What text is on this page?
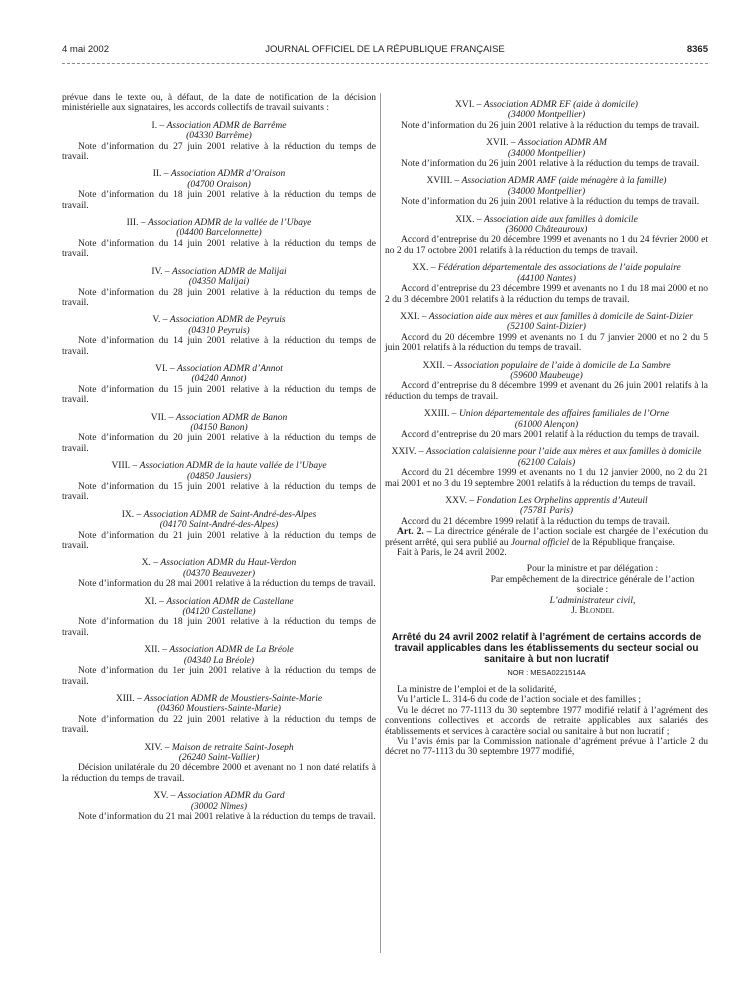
4 mai 2002	JOURNAL OFFICIEL DE LA RÉPUBLIQUE FRANÇAISE	8365

prévue dans le texte ou, à défaut, de la date de notification de la décision ministérielle aux signataires, les accords collectifs de travail suivants :

I. – Association ADMR de Barrême
(04330 Barrême)

Note d’information du 27 juin 2001 relative à la réduction du temps de travail.

II. – Association ADMR d’Oraison
(04700 Oraison)

Note d’information du 18 juin 2001 relative à la réduction du temps de travail.

III. – Association ADMR de la vallée de l’Ubaye
(04400 Barcelonnette)

Note d’information du 14 juin 2001 relative à la réduction du temps de travail.

IV. – Association ADMR de Malijai
(04350 Malijai)

Note d’information du 28 juin 2001 relative à la réduction du temps de travail.

V. – Association ADMR de Peyruis
(04310 Peyruis)

Note d’information du 14 juin 2001 relative à la réduction du temps de travail.

VI. – Association ADMR d’Annot
(04240 Annot)

Note d’information du 15 juin 2001 relative à la réduction du temps de travail.

VII. – Association ADMR de Banon
(04150 Banon)

Note d’information du 20 juin 2001 relative à la réduction du temps de travail.

VIII. – Association ADMR de la haute vallée de l’Ubaye
(04850 Jausiers)

Note d’information du 15 juin 2001 relative à la réduction du temps de travail.

IX. – Association ADMR de Saint-André-des-Alpes
(04170 Saint-André-des-Alpes)

Note d’information du 21 juin 2001 relative à la réduction du temps de travail.

X. – Association ADMR du Haut-Verdon
(04370 Beauvezer)

Note d’information du 28 mai 2001 relative à la réduction du temps de travail.

XI. – Association ADMR de Castellane
(04120 Castellane)

Note d’information du 18 juin 2001 relative à la réduction du temps de travail.

XII. – Association ADMR de La Bréole
(04340 La Bréole)

Note d’information du 1er juin 2001 relative à la réduction du temps de travail.

XIII. – Association ADMR de Moustiers-Sainte-Marie
(04360 Moustiers-Sainte-Marie)

Note d’information du 22 juin 2001 relative à la réduction du temps de travail.

XIV. – Maison de retraite Saint-Joseph
(26240 Saint-Vallier)

Décision unilatérale du 20 décembre 2000 et avenant no 1 non daté relatifs à la réduction du temps de travail.

XV. – Association ADMR du Gard
(30002 Nîmes)

Note d’information du 21 mai 2001 relative à la réduction du temps de travail.

XVI. – Association ADMR EF (aide à domicile)
(34000 Montpellier)

Note d’information du 26 juin 2001 relative à la réduction du temps de travail.

XVII. – Association ADMR AM
(34000 Montpellier)

Note d’information du 26 juin 2001 relative à la réduction du temps de travail.

XVIII. – Association ADMR AMF (aide ménagère à la famille)
(34000 Montpellier)

Note d’information du 26 juin 2001 relative à la réduction du temps de travail.

XIX. – Association aide aux familles à domicile
(36000 Châteauroux)

Accord d’entreprise du 20 décembre 1999 et avenants no 1 du 24 février 2000 et no 2 du 17 octobre 2001 relatifs à la réduction du temps de travail.

XX. – Fédération départementale des associations de l’aide populaire
(44100 Nantes)

Accord d’entreprise du 23 décembre 1999 et avenants no 1 du 18 mai 2000 et no 2 du 3 décembre 2001 relatifs à la réduction du temps de travail.

XXI. – Association aide aux mères et aux familles à domicile de Saint-Dizier
(52100 Saint-Dizier)

Accord du 20 décembre 1999 et avenants no 1 du 7 janvier 2000 et no 2 du 5 juin 2001 relatifs à la réduction du temps de travail.

XXII. – Association populaire de l’aide à domicile de La Sambre
(59600 Maubeuge)

Accord d’entreprise du 8 décembre 1999 et avenant du 26 juin 2001 relatifs à la réduction du temps de travail.

XXIII. – Union départementale des affaires familiales de l’Orne
(61000 Alençon)

Accord d’entreprise du 20 mars 2001 relatif à la réduction du temps de travail.

XXIV. – Association calaisienne pour l’aide aux mères et aux familles à domicile
(62100 Calais)

Accord du 21 décembre 1999 et avenants no 1 du 12 janvier 2000, no 2 du 21 mai 2001 et no 3 du 19 septembre 2001 relatifs à la réduction du temps de travail.

XXV. – Fondation Les Orphelins apprentis d’Auteuil
(75781 Paris)

Accord du 21 décembre 1999 relatif à la réduction du temps de travail.

Art. 2. – La directrice générale de l’action sociale est chargée de l’exécution du présent arrêté, qui sera publié au Journal officiel de la République française.

Fait à Paris, le 24 avril 2002.

Pour la ministre et par délégation :
Par empêchement de la directrice générale de l’action sociale :
L’administrateur civil,
J. Blondel
Arrêté du 24 avril 2002 relatif à l’agrément de certains accords de travail applicables dans les établissements du secteur social ou sanitaire à but non lucratif
NOR : MESA0221514A

La ministre de l’emploi et de la solidarité,

Vu l’article L. 314-6 du code de l’action sociale et des familles ;

Vu le décret no 77-1113 du 30 septembre 1977 modifié relatif à l’agrément des conventions collectives et accords de retraite applicables aux salariés des établissements et services à caractère social ou sanitaire à but non lucratif ;

Vu l’avis émis par la Commission nationale d’agrément prévue à l’article 2 du décret no 77-1113 du 30 septembre 1977 modifié,
